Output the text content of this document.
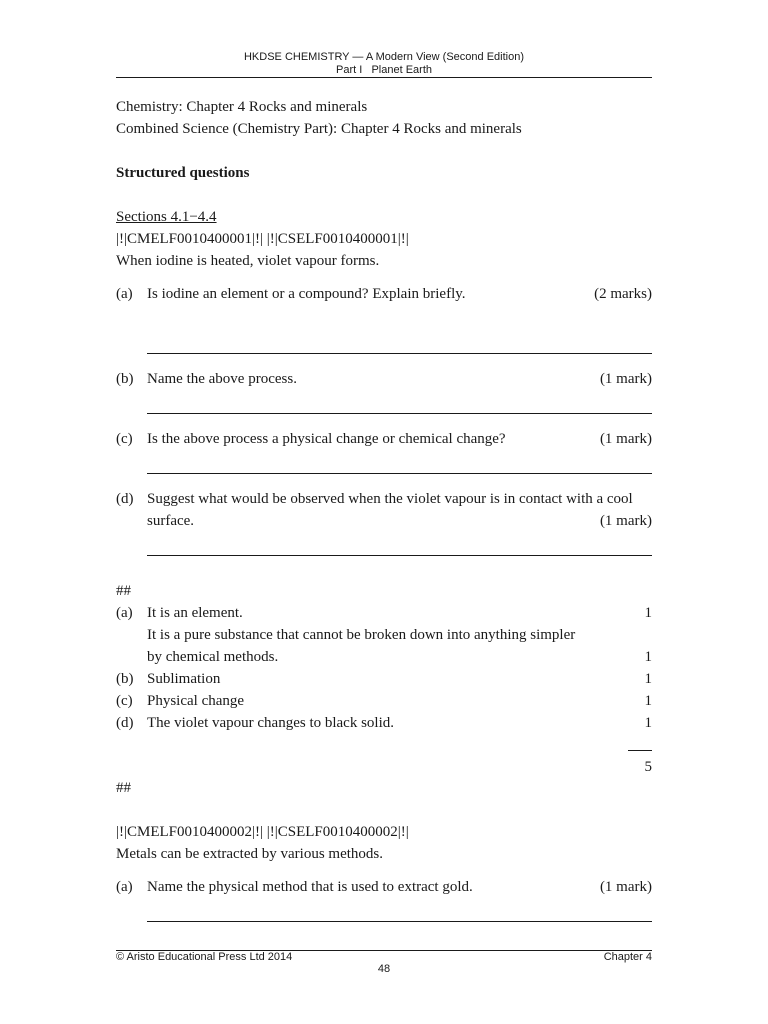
HKDSE CHEMISTRY — A Modern View (Second Edition)
Part I   Planet Earth
Chemistry: Chapter 4 Rocks and minerals
Combined Science (Chemistry Part): Chapter 4 Rocks and minerals
Structured questions
Sections 4.1−4.4
|!|CMELF0010400001|!| |!|CSELF0010400001|!|
When iodine is heated, violet vapour forms.
(a) Is iodine an element or a compound? Explain briefly.	(2 marks)
(b) Name the above process.	(1 mark)
(c) Is the above process a physical change or chemical change?	(1 mark)
(d) Suggest what would be observed when the violet vapour is in contact with a cool
surface.	(1 mark)
##
(a) It is an element.	1
It is a pure substance that cannot be broken down into anything simpler
by chemical methods.	1
(b) Sublimation	1
(c) Physical change	1
(d) The violet vapour changes to black solid.	1
5
##
|!|CMELF0010400002|!| |!|CSELF0010400002|!|
Metals can be extracted by various methods.
(a) Name the physical method that is used to extract gold.	(1 mark)
© Aristo Educational Press Ltd 2014	Chapter 4
48
